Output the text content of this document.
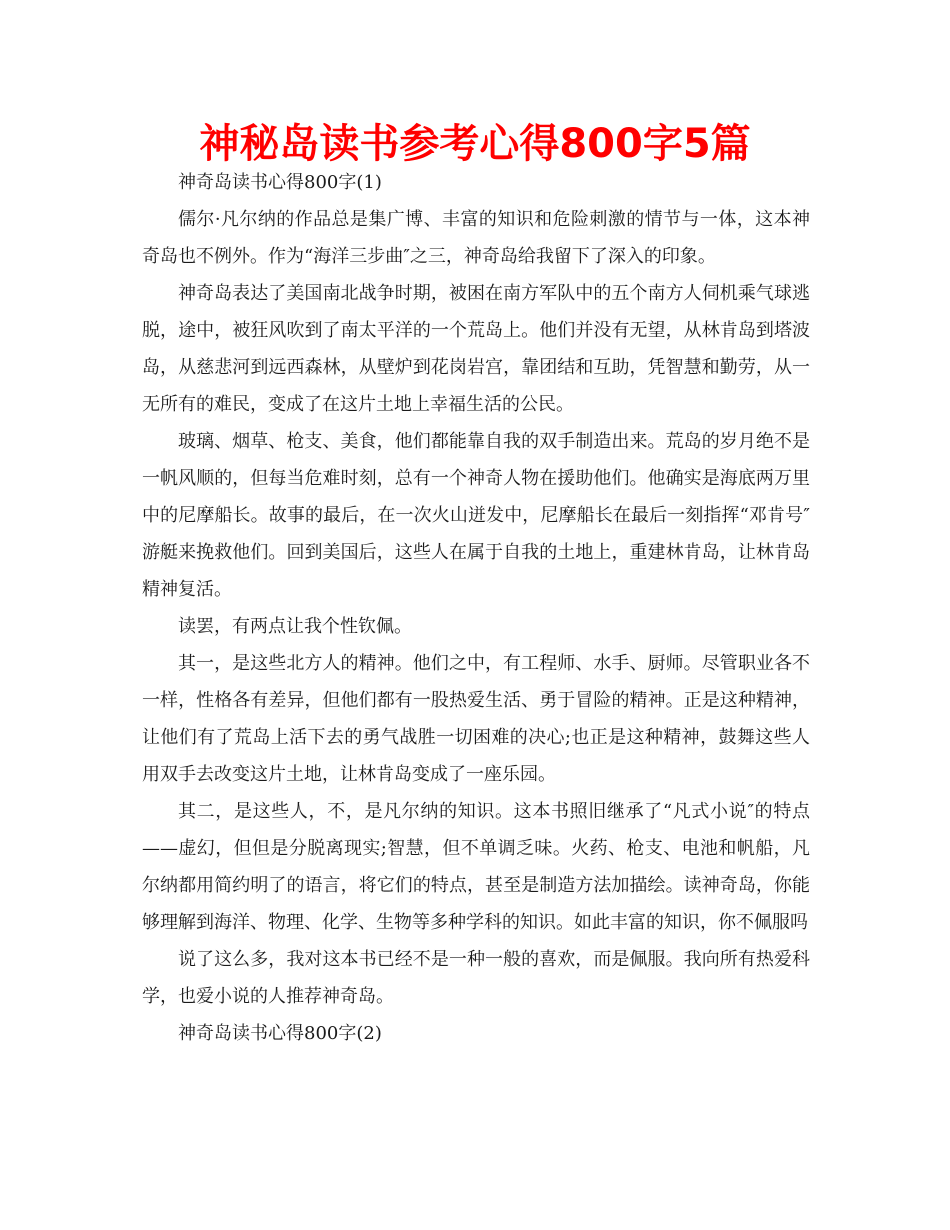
神秘岛读书参考心得800字5篇

神奇岛读书心得800字(1)

儒尔·凡尔纳的作品总是集广博、丰富的知识和危险刺激的情节与一体，这本神奇岛也不例外。作为“海洋三步曲″之三，神奇岛给我留下了深入的印象。

神奇岛表达了美国南北战争时期，被困在南方军队中的五个南方人伺机乘气球逃脱，途中，被狂风吹到了南太平洋的一个荒岛上。他们并没有无望，从林肯岛到塔波岛，从慈悲河到远西森林，从壁炉到花岗岩宫，靠团结和互助，凭智慧和勤劳，从一无所有的难民，变成了在这片土地上幸福生活的公民。

玻璃、烟草、枪支、美食，他们都能靠自我的双手制造出来。荒岛的岁月绝不是一帆风顺的，但每当危难时刻，总有一个神奇人物在援助他们。他确实是海底两万里中的尼摩船长。故事的最后，在一次火山迸发中，尼摩船长在最后一刻指挥“邓肯号″游艇来挽救他们。回到美国后，这些人在属于自我的土地上，重建林肯岛，让林肯岛精神复活。

读罢，有两点让我个性钦佩。

其一，是这些北方人的精神。他们之中，有工程师、水手、厨师。尽管职业各不一样，性格各有差异，但他们都有一股热爱生活、勇于冒险的精神。正是这种精神，让他们有了荒岛上活下去的勇气战胜一切困难的决心;也正是这种精神，鼓舞这些人用双手去改变这片土地，让林肯岛变成了一座乐园。

其二，是这些人，不，是凡尔纳的知识。这本书照旧继承了“凡式小说″的特点——虚幻，但但是分脱离现实;智慧，但不单调乏味。火药、枪支、电池和帆船，凡尔纳都用简约明了的语言，将它们的特点，甚至是制造方法加描绘。读神奇岛，你能够理解到海洋、物理、化学、生物等多种学科的知识。如此丰富的知识，你不佩服吗

说了这么多，我对这本书已经不是一种一般的喜欢，而是佩服。我向所有热爱科学，也爱小说的人推荐神奇岛。

神奇岛读书心得800字(2)
